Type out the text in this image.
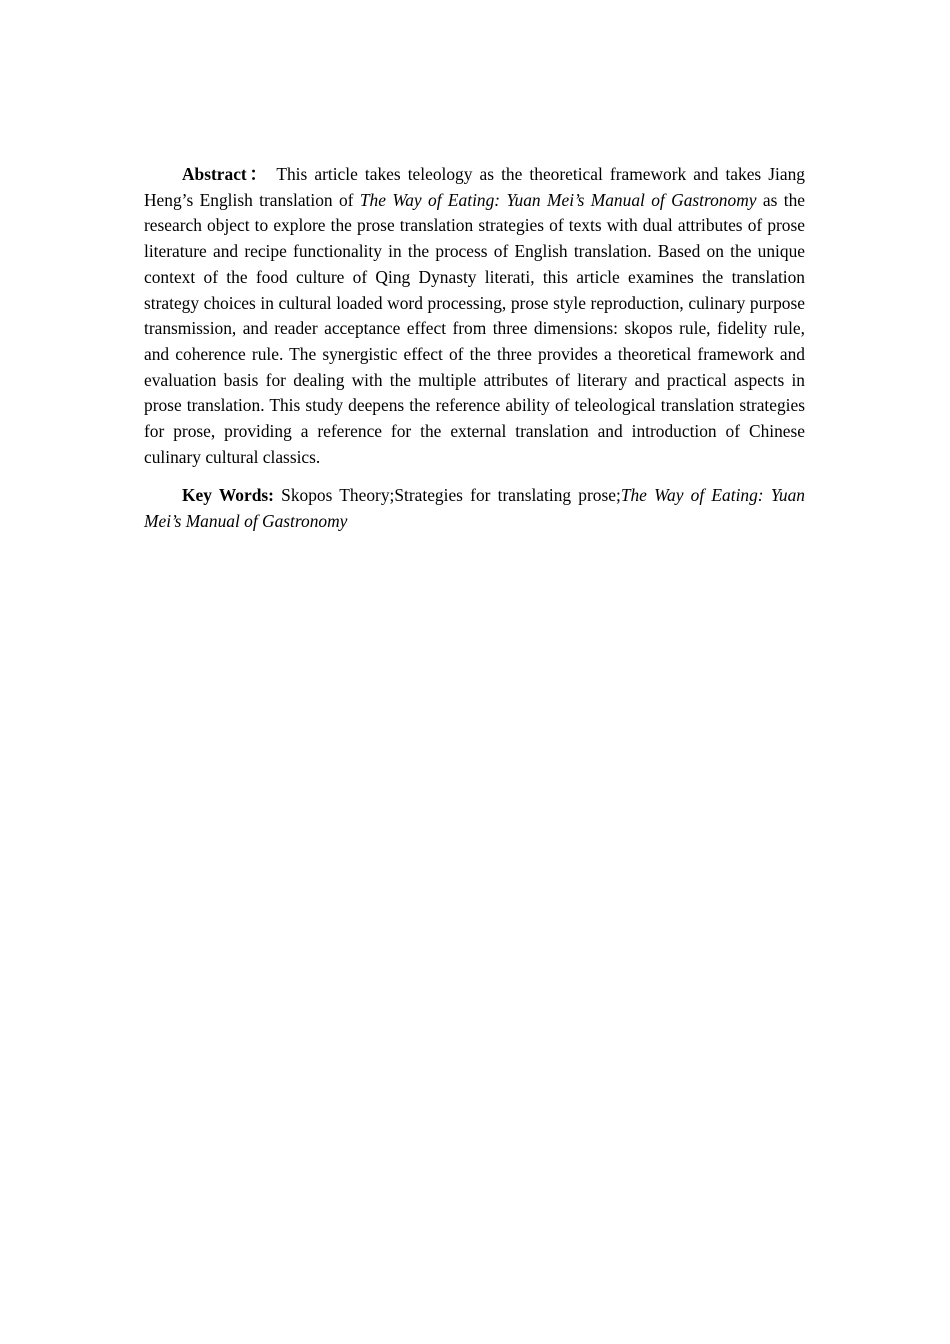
Abstract： This article takes teleology as the theoretical framework and takes Jiang Heng’s English translation of The Way of Eating: Yuan Mei’s Manual of Gastronomy as the research object to explore the prose translation strategies of texts with dual attributes of prose literature and recipe functionality in the process of English translation. Based on the unique context of the food culture of Qing Dynasty literati, this article examines the translation strategy choices in cultural loaded word processing, prose style reproduction, culinary purpose transmission, and reader acceptance effect from three dimensions: skopos rule, fidelity rule, and coherence rule. The synergistic effect of the three provides a theoretical framework and evaluation basis for dealing with the multiple attributes of literary and practical aspects in prose translation. This study deepens the reference ability of teleological translation strategies for prose, providing a reference for the external translation and introduction of Chinese culinary cultural classics.

Key Words: Skopos Theory;Strategies for translating prose;The Way of Eating: Yuan Mei’s Manual of Gastronomy
